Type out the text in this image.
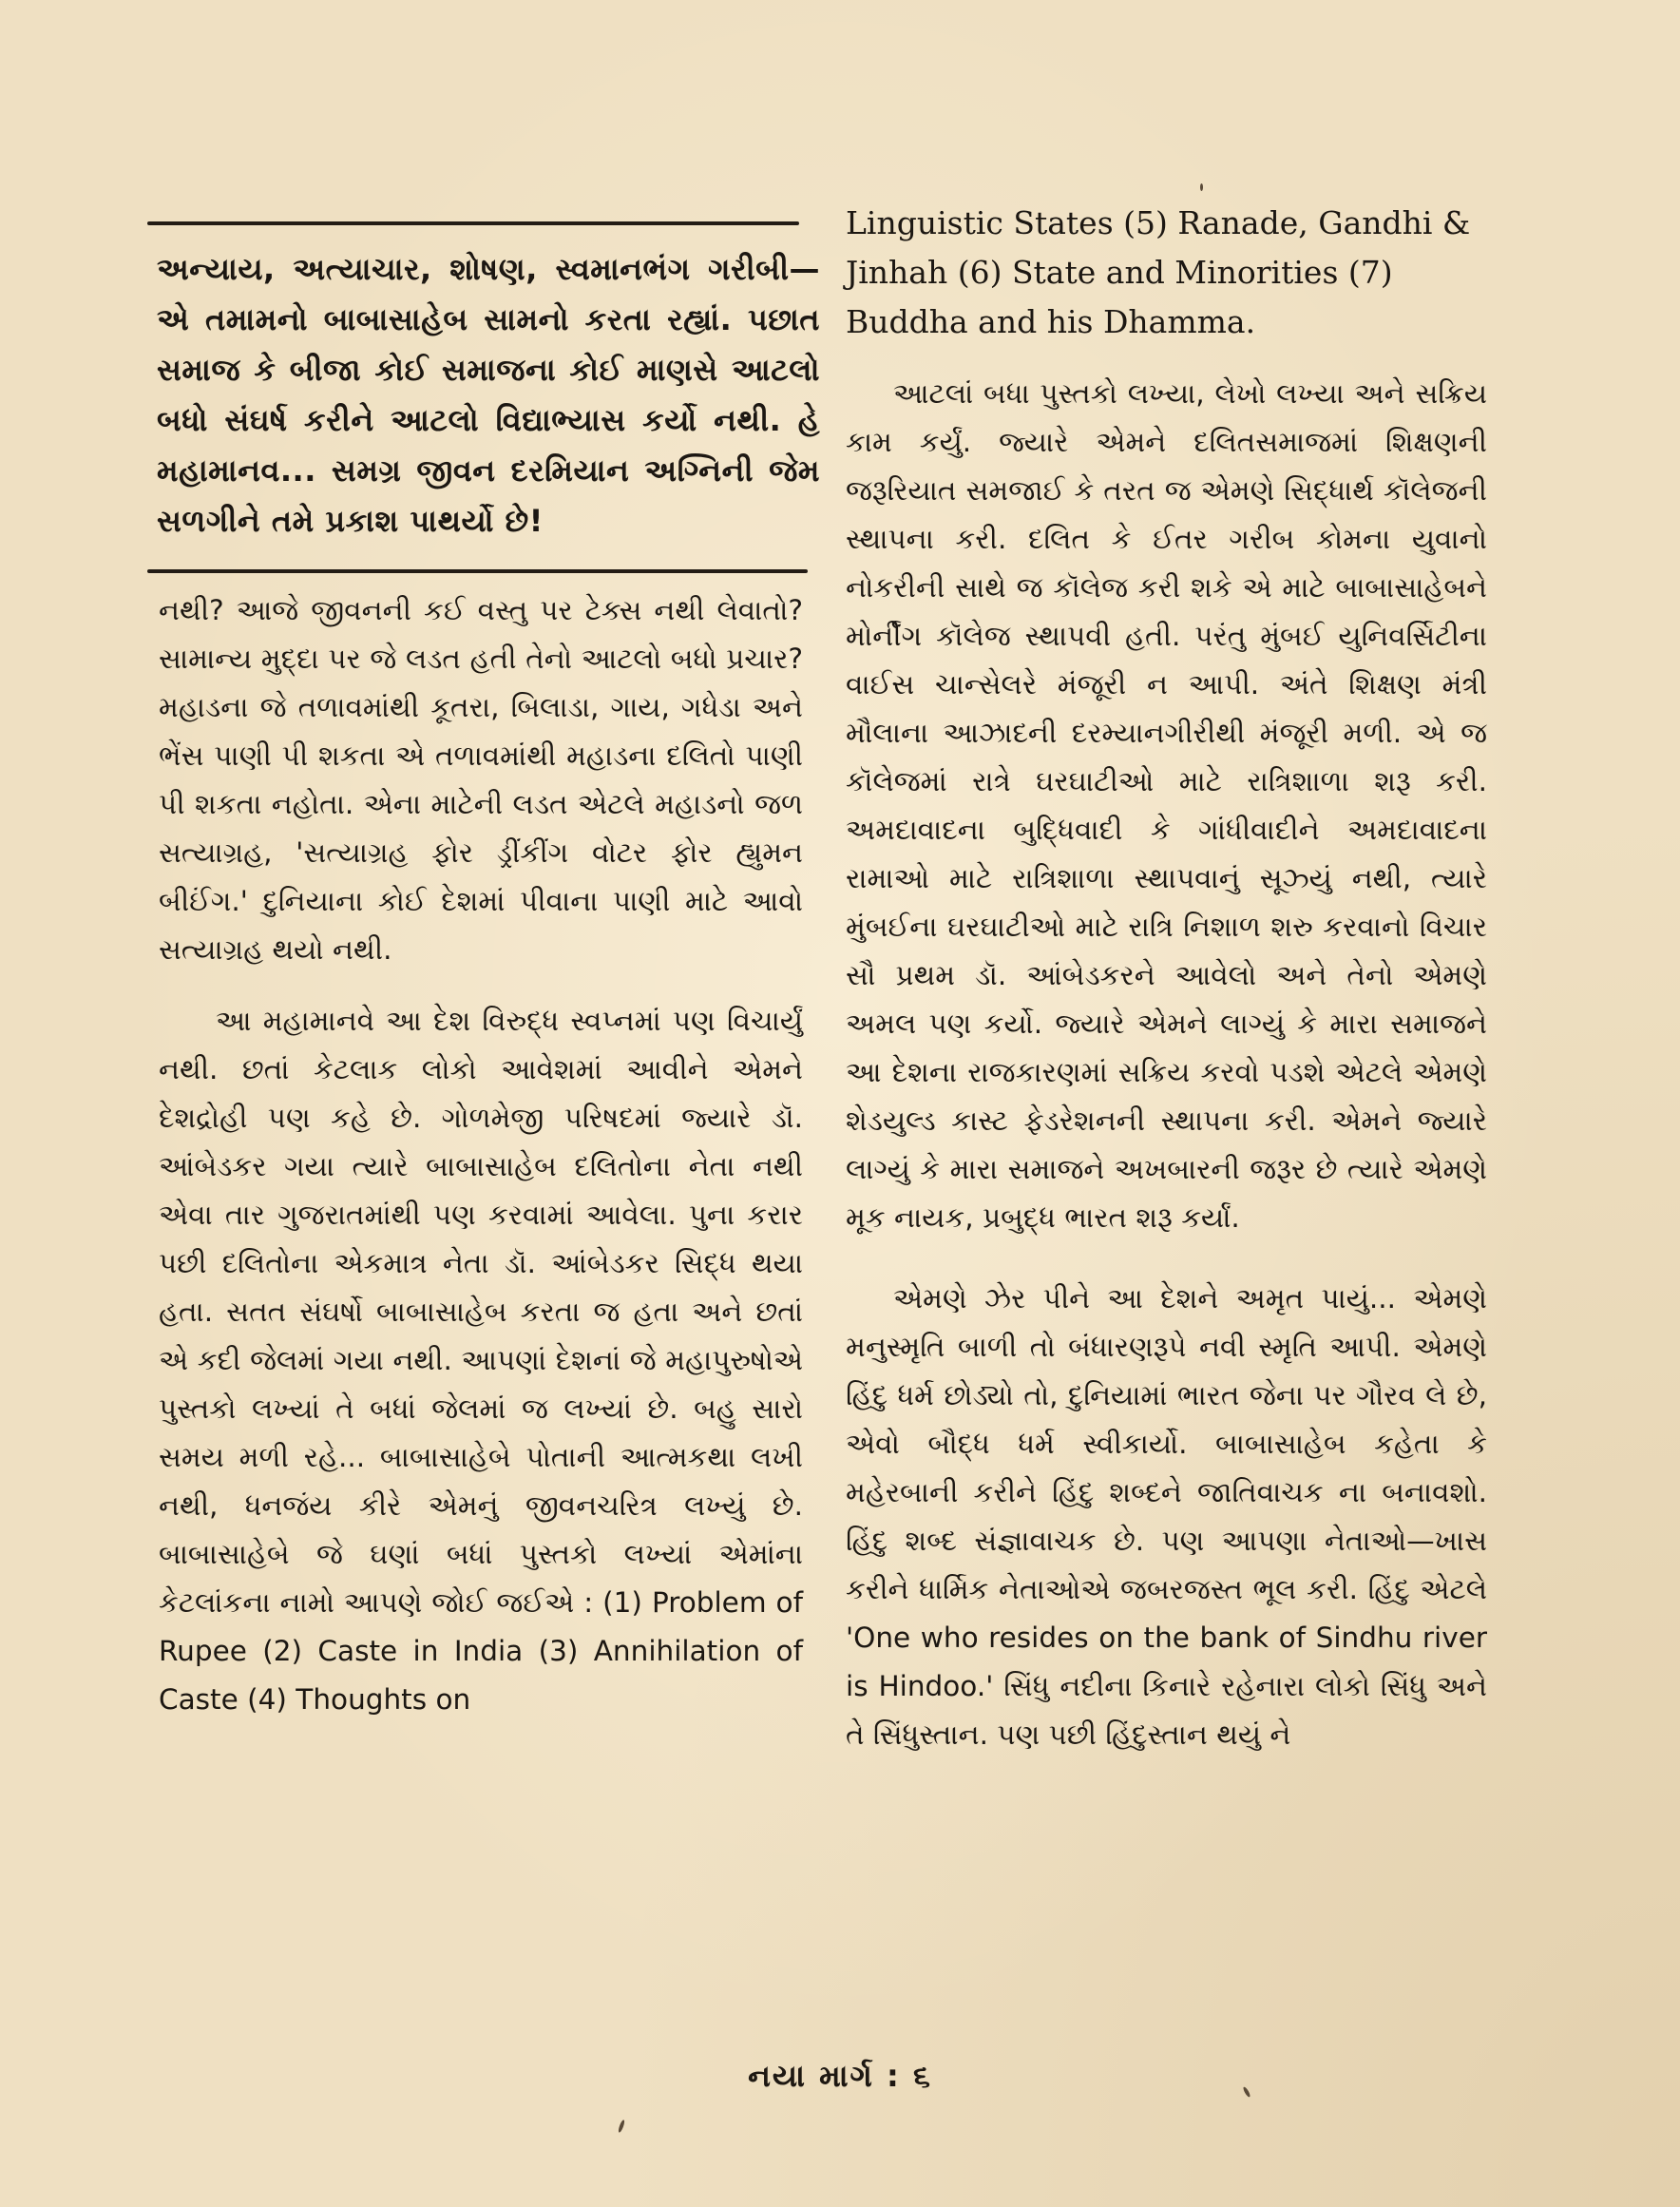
અન્યાય, અત્યાચાર, શોષણ, સ્વમાનભંગ ગરીબી—એ તમામનો બાબાસાહેબ સામનો કરતા રહ્યાં. પછાત સમાજ કે બીજા કોઈ સમાજના કોઈ માણસે આટલો બધો સંઘર્ષ કરીને આટલો વિદ્યાભ્યાસ કર્યો નથી. હે મહામાનવ... સમગ્ર જીવન દરમિયાન અગ્નિની જેમ સળગીને તમે પ્રકાશ પાથર્યો છે!

નથી? આજે જીવનની કઈ વસ્તુ પર ટેક્સ નથી લેવાતો? સામાન્ય મુદ્દા પર જે લડત હતી તેનો આટલો બધો પ્રચાર? મહાડના જે તળાવમાંથી કૂતરા, બિલાડા, ગાય, ગધેડા અને ભેંસ પાણી પી શકતા એ તળાવમાંથી મહાડના દલિતો પાણી પી શકતા નહોતા. એના માટેની લડત એટલે મહાડનો જળ સત્યાગ્રહ, 'સત્યાગ્રહ ફોર ડ્રીંકીંગ વોટર ફોર હ્યુમન બીઈંગ.' દુનિયાના કોઈ દેશમાં પીવાના પાણી માટે આવો સત્યાગ્રહ થયો નથી.

આ મહામાનવે આ દેશ વિરુદ્ધ સ્વપ્નમાં પણ વિચાર્યું નથી. છતાં કેટલાક લોકો આવેશમાં આવીને એમને દેશદ્રોહી પણ કહે છે. ગોળમેજી પરિષદમાં જ્યારે ડૉ. આંબેડકર ગયા ત્યારે બાબાસાહેબ દલિતોના નેતા નથી એવા તાર ગુજરાતમાંથી પણ કરવામાં આવેલા. પુના કરાર પછી દલિતોના એકમાત્ર નેતા ડૉ. આંબેડકર સિદ્ધ થયા હતા. સતત સંઘર્ષો બાબાસાહેબ કરતા જ હતા અને છતાં એ કદી જેલમાં ગયા નથી. આપણાં દેશનાં જે મહાપુરુષોએ પુસ્તકો લખ્યાં તે બધાં જેલમાં જ લખ્યાં છે. બહુ સારો સમય મળી રહે... બાબાસાહેબે પોતાની આત્મકથા લખી નથી, ધનજંય કીરે એમનું જીવનચરિત્ર લખ્યું છે. બાબાસાહેબે જે ઘણાં બધાં પુસ્તકો લખ્યાં એમાંના કેટલાંકના નામો આપણે જોઈ જઈએ : (1) Problem of Rupee (2) Caste in India (3) Annihilation of Caste (4) Thoughts on

Linguistic States (5) Ranade, Gandhi & Jinhah (6) State and Minorities (7) Buddha and his Dhamma.

આટલાં બધા પુસ્તકો લખ્યા, લેખો લખ્યા અને સક્રિય કામ કર્યું. જ્યારે એમને દલિતસમાજમાં શિક્ષણની જરૂરિયાત સમજાઈ કે તરત જ એમણે સિદ્ધાર્થ કૉલેજની સ્થાપના કરી. દલિત કે ઈતર ગરીબ કોમના યુવાનો નોકરીની સાથે જ કૉલેજ કરી શકે એ માટે બાબાસાહેબને મોર્નીંગ કૉલેજ સ્થાપવી હતી. પરંતુ મુંબઈ યુનિવર્સિટીના વાઈસ ચાન્સેલરે મંજૂરી ન આપી. અંતે શિક્ષણ મંત્રી મૌલાના આઝાદની દરમ્યાનગીરીથી મંજૂરી મળી. એ જ કૉલેજમાં રાત્રે ઘરઘાટીઓ માટે રાત્રિશાળા શરૂ કરી. અમદાવાદના બુદ્ધિવાદી કે ગાંધીવાદીને અમદાવાદના રામાઓ માટે રાત્રિશાળા સ્થાપવાનું સૂઝ્યું નથી, ત્યારે મુંબઈના ઘરઘાટીઓ માટે રાત્રિ નિશાળ શરુ કરવાનો વિચાર સૌ પ્રથમ ડૉ. આંબેડકરને આવેલો અને તેનો એમણે અમલ પણ કર્યો. જ્યારે એમને લાગ્યું કે મારા સમાજને આ દેશના રાજકારણમાં સક્રિય કરવો પડશે એટલે એમણે શેડયુલ્ડ કાસ્ટ ફેડરેશનની સ્થાપના કરી. એમને જ્યારે લાગ્યું કે મારા સમાજને અખબારની જરૂર છે ત્યારે એમણે મૂક નાયક, પ્રબુદ્ધ ભારત શરૂ કર્યાં.

એમણે ઝેર પીને આ દેશને અમૃત પાયું... એમણે મનુસ્મૃતિ બાળી તો બંધારણરૂપે નવી સ્મૃતિ આપી. એમણે હિંદુ ધર્મ છોડ્યો તો, દુનિયામાં ભારત જેના પર ગૌરવ લે છે, એવો બૌદ્ધ ધર્મ સ્વીકાર્યો. બાબાસાહેબ કહેતા કે મહેરબાની કરીને હિંદુ શબ્દને જાતિવાચક ના બનાવશો. હિંદુ શબ્દ સંજ્ઞાવાચક છે. પણ આપણા નેતાઓ—ખાસ કરીને ધાર્મિક નેતાઓએ જબરજસ્ત ભૂલ કરી. હિંદુ એટલે 'One who resides on the bank of Sindhu river is Hindoo.' સિંધુ નદીના કિનારે રહેનારા લોકો સિંધુ અને તે સિંધુસ્તાન. પણ પછી હિંદુસ્તાન થયું ને

નયા માર્ગ : ૬
